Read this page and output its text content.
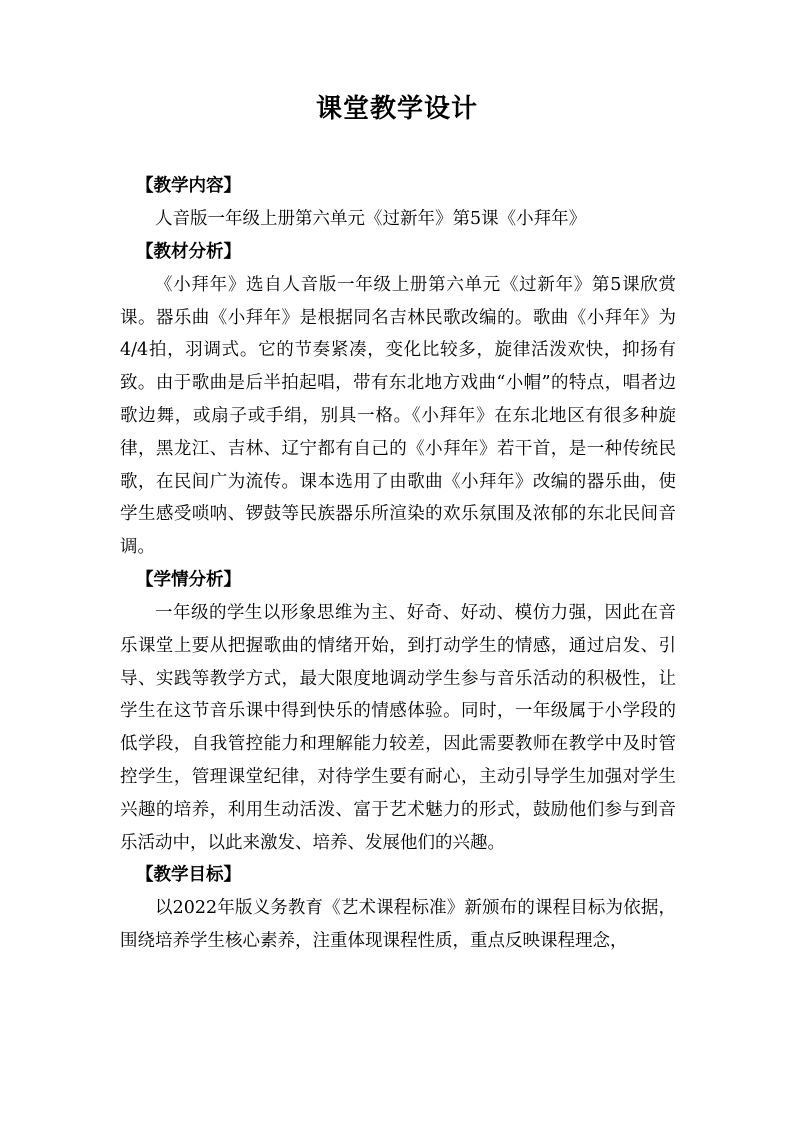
课堂教学设计

【教学内容】

人音版一年级上册第六单元《过新年》第5课《小拜年》

【教材分析】

《小拜年》选自人音版一年级上册第六单元《过新年》第5课欣赏课。器乐曲《小拜年》是根据同名吉林民歌改编的。歌曲《小拜年》为4/4拍，羽调式。它的节奏紧凑，变化比较多，旋律活泼欢快，抑扬有致。由于歌曲是后半拍起唱，带有东北地方戏曲“小帽”的特点，唱者边歌边舞，或扇子或手绢，别具一格。《小拜年》在东北地区有很多种旋律，黑龙江、吉林、辽宁都有自己的《小拜年》若干首，是一种传统民歌，在民间广为流传。课本选用了由歌曲《小拜年》改编的器乐曲，使学生感受唢呐、锣鼓等民族器乐所渲染的欢乐氛围及浓郁的东北民间音调。

【学情分析】

一年级的学生以形象思维为主、好奇、好动、模仿力强，因此在音乐课堂上要从把握歌曲的情绪开始，到打动学生的情感，通过启发、引导、实践等教学方式，最大限度地调动学生参与音乐活动的积极性，让学生在这节音乐课中得到快乐的情感体验。同时，一年级属于小学段的低学段，自我管控能力和理解能力较差，因此需要教师在教学中及时管控学生，管理课堂纪律，对待学生要有耐心，主动引导学生加强对学生兴趣的培养，利用生动活泼、富于艺术魅力的形式，鼓励他们参与到音乐活动中，以此来激发、培养、发展他们的兴趣。

【教学目标】

以2022年版义务教育《艺术课程标准》新颁布的课程目标为依据，围绕培养学生核心素养，注重体现课程性质，重点反映课程理念，
